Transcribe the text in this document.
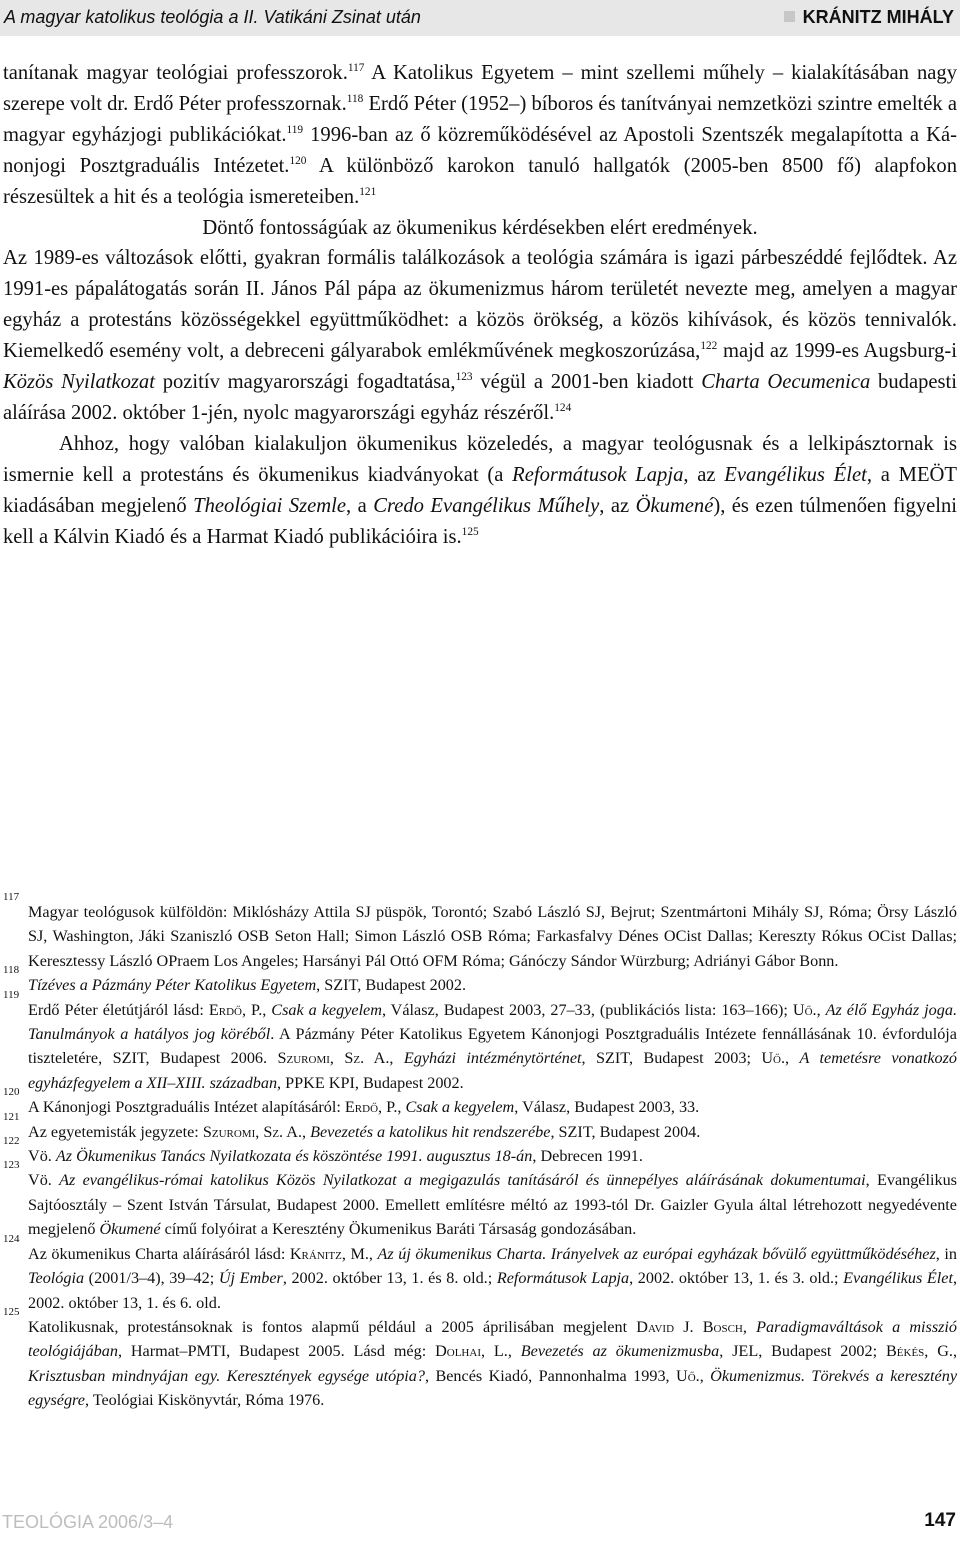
A magyar katolikus teológia a II. Vatikáni Zsinat után	KRÁNITZ MIHÁLY

tanítanak magyar teológiai professzorok.$^{117}$ A Katolikus Egyetem – mint szellemi műhely – kialakításában nagy szerepe volt dr. Erdő Péter professzornak.$^{118}$ Erdő Péter (1952–) bíboros és tanítványai nemzetközi szintre emelték a magyar egyházjogi publikációkat.$^{119}$ 1996-ban az ő közreműködésével az Apostoli Szentszék megalapította a Kánonjogi Posztgraduális Intézetet.$^{120}$ A különböző karokon tanuló hallgatók (2005-ben 8500 fő) alapfokon részesültek a hit és a teológia ismereteiben.$^{121}$

Döntő fontosságúak az ökumenikus kérdésekben elért eredmények.

Az 1989-es változások előtti, gyakran formális találkozások a teológia számára is igazi párbeszéddé fejlődtek. Az 1991-es pápalátogatás során II. János Pál pápa az ökumenizmus három területét nevezte meg, amelyen a magyar egyház a protestáns közösségekkel együttműködhet: a közös örökség, a közös kihívások, és közös tennivalók. Kiemelkedő esemény volt, a debreceni gályarabok emlékművének megkoszorúzása,$^{122}$ majd az 1999-es Augsburg-i Közös Nyilatkozat pozitív magyarországi fogadtatása,$^{123}$ végül a 2001-ben kiadott Charta Oecumenica budapesti aláírása 2002. október 1-jén, nyolc magyarországi egyház részéről.$^{124}$

Ahhoz, hogy valóban kialakuljon ökumenikus közeledés, a magyar teológusnak és a lelkipásztornak is ismernie kell a protestáns és ökumenikus kiadványokat (a Reformátusok Lapja, az Evangélikus Élet, a MEÖT kiadásában megjelenő Theológiai Szemle, a Credo Evangélikus Műhely, az Ökumené), és ezen túlmenően figyelni kell a Kálvin Kiadó és a Harmat Kiadó publikációira is.$^{125}$

117
Magyar teológusok külföldön: Miklósházy Attila SJ püspök, Torontó; Szabó László SJ, Bejrut; Szentmártoni Mihály SJ, Róma; Örsy László SJ, Washington, Jáki Szaniszló OSB Seton Hall; Simon László OSB Róma; Farkasfalvy Dénes OCist Dallas; Kereszty Rókus OCist Dallas; Keresztessy László OPraem Los Angeles; Harsányi Pál Ottó OFM Róma; Gánóczy Sándor Würzburg; Adriányi Gábor Bonn.

118
Tízéves a Pázmány Péter Katolikus Egyetem, SZIT, Budapest 2002.

119
Erdő Péter életútjáról lásd: Erdő, P., Csak a kegyelem, Válasz, Budapest 2003, 27–33, (publikációs lista: 163–166); Uő., Az élő Egyház joga. Tanulmányok a hatályos jog köréből. A Pázmány Péter Katolikus Egyetem Kánonjogi Posztgraduális Intézete fennállásának 10. évfordulója tiszteletére, SZIT, Budapest 2006. Szuromi, Sz. A., Egyházi intézménytörténet, SZIT, Budapest 2003; Uő., A temetésre vonatkozó egyházfegyelem a XII–XIII. században, PPKE KPI, Budapest 2002.

120
A Kánonjogi Posztgraduális Intézet alapításáról: Erdő, P., Csak a kegyelem, Válasz, Budapest 2003, 33.

121
Az egyetemisták jegyzete: Szuromi, Sz. A., Bevezetés a katolikus hit rendszerébe, SZIT, Budapest 2004.

122
Vö. Az Ökumenikus Tanács Nyilatkozata és köszöntése 1991. augusztus 18-án, Debrecen 1991.

123
Vö. Az evangélikus-római katolikus Közös Nyilatkozat a megigazulás tanításáról és ünnepélyes aláírásának dokumentumai, Evangélikus Sajtóosztály – Szent István Társulat, Budapest 2000. Emellett említésre méltó az 1993-tól Dr. Gaizler Gyula által létrehozott negyedévente megjelenő Ökumené című folyóirat a Keresztény Ökumenikus Baráti Társaság gondozásában.

124
Az ökumenikus Charta aláírásáról lásd: Kránitz, M., Az új ökumenikus Charta. Irányelvek az európai egyházak bővülő együttműködéséhez, in Teológia (2001/3–4), 39–42; Új Ember, 2002. október 13, 1. és 8. old.; Reformátusok Lapja, 2002. október 13, 1. és 3. old.; Evangélikus Élet, 2002. október 13, 1. és 6. old.

125
Katolikusnak, protestánsoknak is fontos alapmű például a 2005 áprilisában megjelent David J. Bosch, Paradigmaváltások a misszió teológiájában, Harmat–PMTI, Budapest 2005. Lásd még: Dolhai, L., Bevezetés az ökumenizmusba, JEL, Budapest 2002; Békés, G., Krisztusban mindnyájan egy. Keresztények egysége utópia?, Bencés Kiadó, Pannonhalma 1993, Uő., Ökumenizmus. Törekvés a keresztény egységre, Teológiai Kiskönyvtár, Róma 1976.

TEOLÓGIA 2006/3–4	147
